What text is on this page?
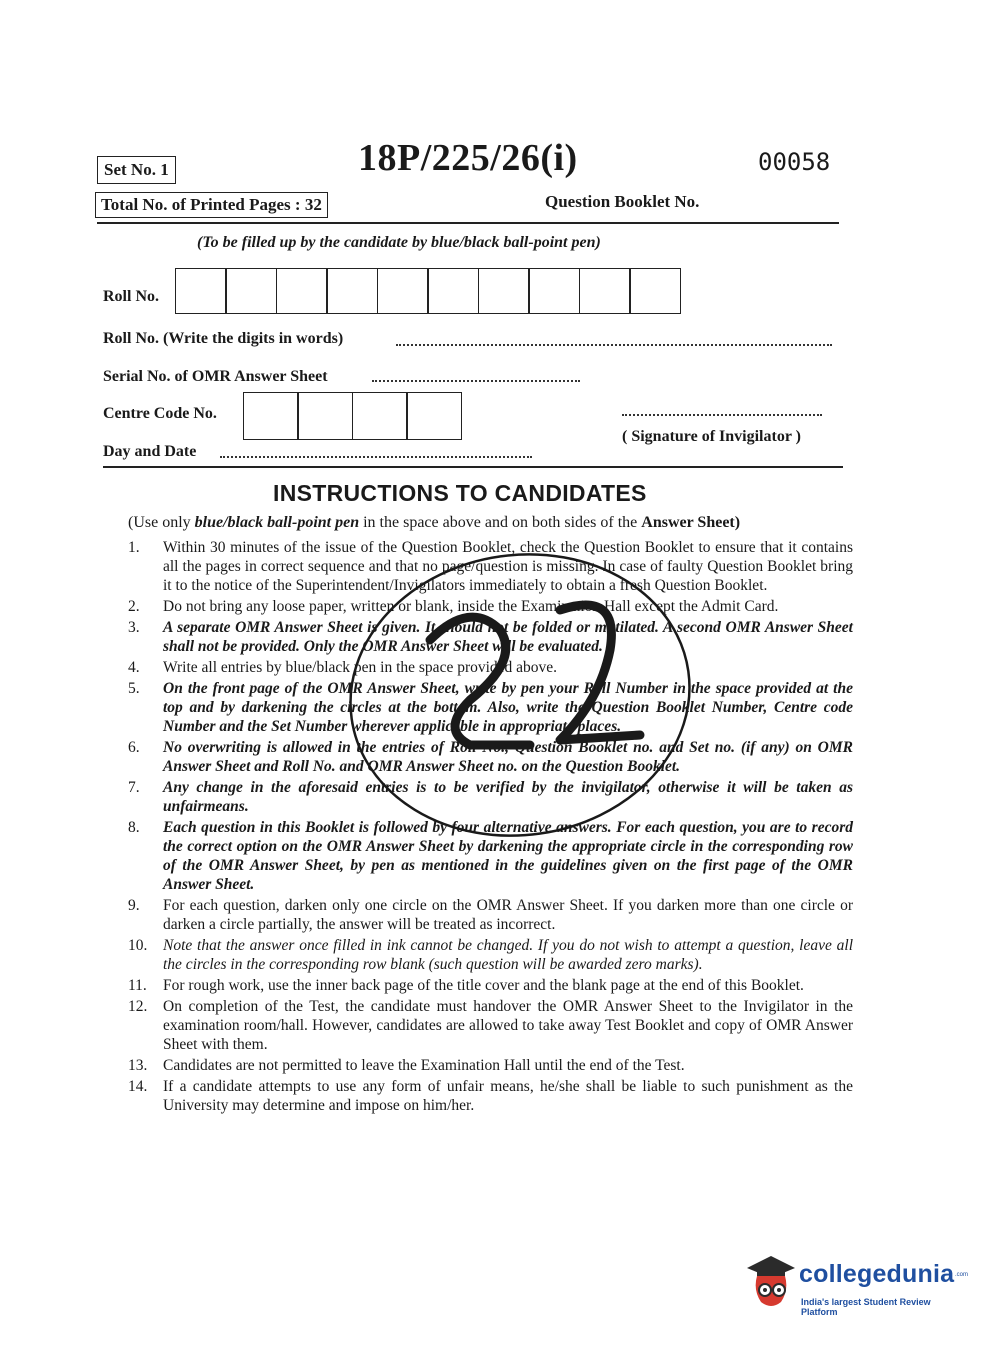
Set No. 1	18P/225/26(i)	00058
Total No. of Printed Pages : 32	Question Booklet No.
(To be filled up by the candidate by blue/black ball-point pen)
Roll No.
Roll No. (Write the digits in words)
Serial No. of OMR Answer Sheet
Centre Code No.
( Signature of Invigilator )
Day and Date
INSTRUCTIONS TO CANDIDATES
(Use only blue/black ball-point pen in the space above and on both sides of the Answer Sheet)
1.	Within 30 minutes of the issue of the Question Booklet, check the Question Booklet to ensure that it contains all the pages in correct sequence and that no page/question is missing. In case of faulty Question Booklet bring it to the notice of the Superintendent/Invigilators immediately to obtain a fresh Question Booklet.
2.	Do not bring any loose paper, written or blank, inside the Examination Hall except the Admit Card.
3.	A separate OMR Answer Sheet is given. It should not be folded or mutilated. A second OMR Answer Sheet shall not be provided. Only the OMR Answer Sheet will be evaluated.
4.	Write all entries by blue/black pen in the space provided above.
5.	On the front page of the OMR Answer Sheet, write by pen your Roll Number in the space provided at the top and by darkening the circles at the bottom. Also, write the Question Booklet Number, Centre code Number and the Set Number wherever applicable in appropriate places.
6.	No overwriting is allowed in the entries of Roll No., Question Booklet no. and Set no. (if any) on OMR Answer Sheet and Roll No. and OMR Answer Sheet no. on the Question Booklet.
7.	Any change in the aforesaid entries is to be verified by the invigilator, otherwise it will be taken as unfairmeans.
8.	Each question in this Booklet is followed by four alternative answers. For each question, you are to record the correct option on the OMR Answer Sheet by darkening the appropriate circle in the corresponding row of the OMR Answer Sheet, by pen as mentioned in the guidelines given on the first page of the OMR Answer Sheet.
9.	For each question, darken only one circle on the OMR Answer Sheet. If you darken more than one circle or darken a circle partially, the answer will be treated as incorrect.
10.	Note that the answer once filled in ink cannot be changed. If you do not wish to attempt a question, leave all the circles in the corresponding row blank (such question will be awarded zero marks).
11.	For rough work, use the inner back page of the title cover and the blank page at the end of this Booklet.
12.	On completion of the Test, the candidate must handover the OMR Answer Sheet to the Invigilator in the examination room/hall. However, candidates are allowed to take away Test Booklet and copy of OMR Answer Sheet with them.
13.	Candidates are not permitted to leave the Examination Hall until the end of the Test.
14.	If a candidate attempts to use any form of unfair means, he/she shall be liable to such punishment as the University may determine and impose on him/her.
collegedunia .com
India's largest Student Review Platform
